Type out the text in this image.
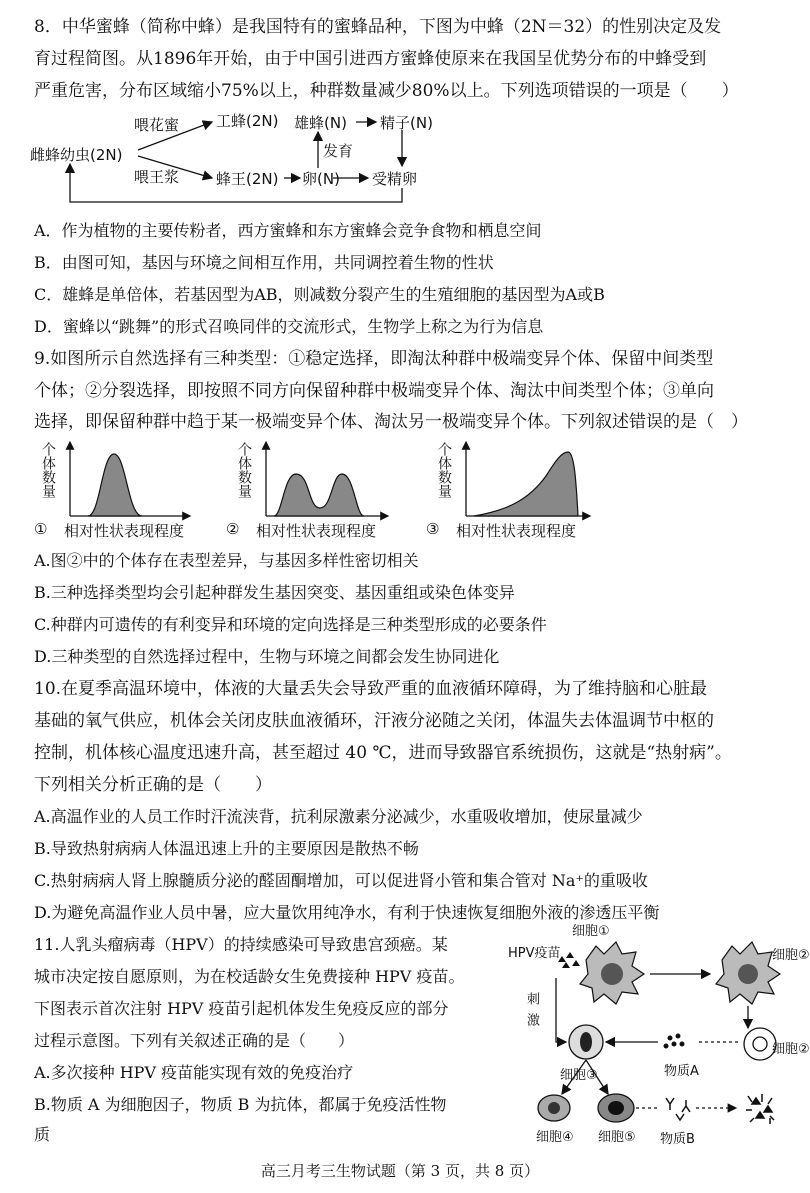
8．中华蜜蜂（简称中蜂）是我国特有的蜜蜂品种，下图为中蜂（2N＝32）的性别决定及发
育过程简图。从1896年开始，由于中国引进西方蜜蜂使原来在我国呈优势分布的中蜂受到
严重危害，分布区域缩小75%以上，种群数量减少80%以上。下列选项错误的一项是（　　）
雌蜂幼虫(2N)
喂花蜜
喂王浆
工蜂(2N)
蜂王(2N) 卵(N)
雄蜂(N) 精子(N)
发育
受精卵
A．作为植物的主要传粉者，西方蜜蜂和东方蜜蜂会竞争食物和栖息空间
B．由图可知，基因与环境之间相互作用，共同调控着生物的性状
C．雄蜂是单倍体，若基因型为AB，则减数分裂产生的生殖细胞的基因型为A或B
D．蜜蜂以“跳舞”的形式召唤同伴的交流形式，生物学上称之为行为信息
9.如图所示自然选择有三种类型：①稳定选择，即淘汰种群中极端变异个体、保留中间类型
个体；②分裂选择，即按照不同方向保留种群中极端变异个体、淘汰中间类型个体；③单向
选择，即保留种群中趋于某一极端变异个体、淘汰另一极端变异个体。下列叙述错误的是（　）
个体数量	个体数量	个体数量
① 相对性状表现程度	② 相对性状表现程度	③ 相对性状表现程度
A.图②中的个体存在表型差异，与基因多样性密切相关
B.三种选择类型均会引起种群发生基因突变、基因重组或染色体变异
C.种群内可遗传的有利变异和环境的定向选择是三种类型形成的必要条件
D.三种类型的自然选择过程中，生物与环境之间都会发生协同进化
10.在夏季高温环境中，体液的大量丢失会导致严重的血液循环障碍，为了维持脑和心脏最
基础的氧气供应，机体会关闭皮肤血液循环，汗液分泌随之关闭，体温失去体温调节中枢的
控制，机体核心温度迅速升高，甚至超过 40 ℃，进而导致器官系统损伤，这就是“热射病”。
下列相关分析正确的是（　　）
A.高温作业的人员工作时汗流浃背，抗利尿激素分泌减少，水重吸收增加，使尿量减少
B.导致热射病病人体温迅速上升的主要原因是散热不畅
C.热射病病人肾上腺髓质分泌的醛固酮增加，可以促进肾小管和集合管对 Na⁺的重吸收
D.为避免高温作业人员中暑，应大量饮用纯净水，有利于快速恢复细胞外液的渗透压平衡
11.人乳头瘤病毒（HPV）的持续感染可导致患宫颈癌。某
城市决定按自愿原则，为在校适龄女生免费接种 HPV 疫苗。
下图表示首次注射 HPV 疫苗引起机体发生免疫反应的部分
过程示意图。下列有关叙述正确的是（　　）
A.多次接种 HPV 疫苗能实现有效的免疫治疗
B.物质 A 为细胞因子，物质 B 为抗体，都属于免疫活性物
质
HPV疫苗
细胞①
细胞②
刺激
细胞②
细胞③	物质A
细胞④ 细胞⑤ 物质B
高三月考三生物试题（第 3 页，共 8 页）
